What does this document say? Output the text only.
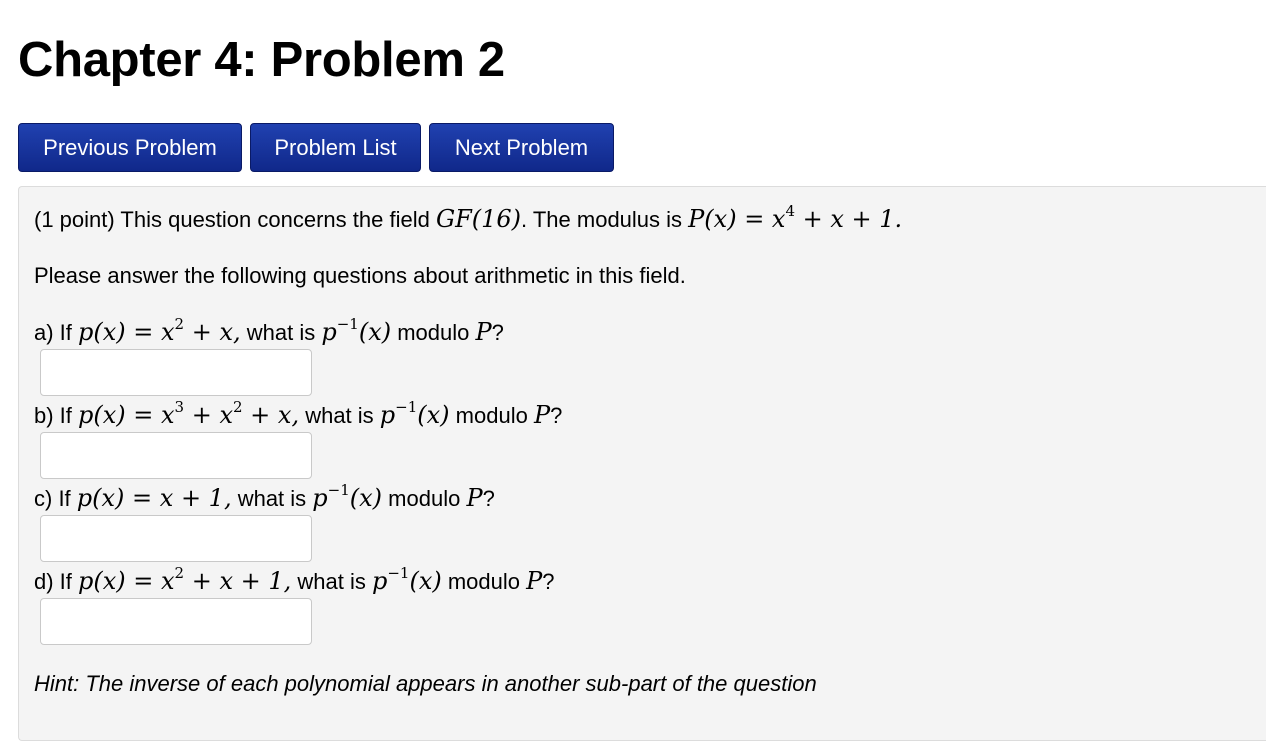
Chapter 4: Problem 2
Previous Problem	Problem List	Next Problem
(1 point) This question concerns the field GF(16). The modulus is $P(x) = x^4 + x + 1$.
Please answer the following questions about arithmetic in this field.
a) If $p(x) = x^2 + x$, what is $p^{-1}(x)$ modulo P?
b) If $p(x) = x^3 + x^2 + x$, what is $p^{-1}(x)$ modulo P?
c) If p(x) = x + 1, what is $p^{-1}(x)$ modulo P?
d) If $p(x) = x^2 + x + 1$, what is $p^{-1}(x)$ modulo P?
Hint: The inverse of each polynomial appears in another sub-part of the question
